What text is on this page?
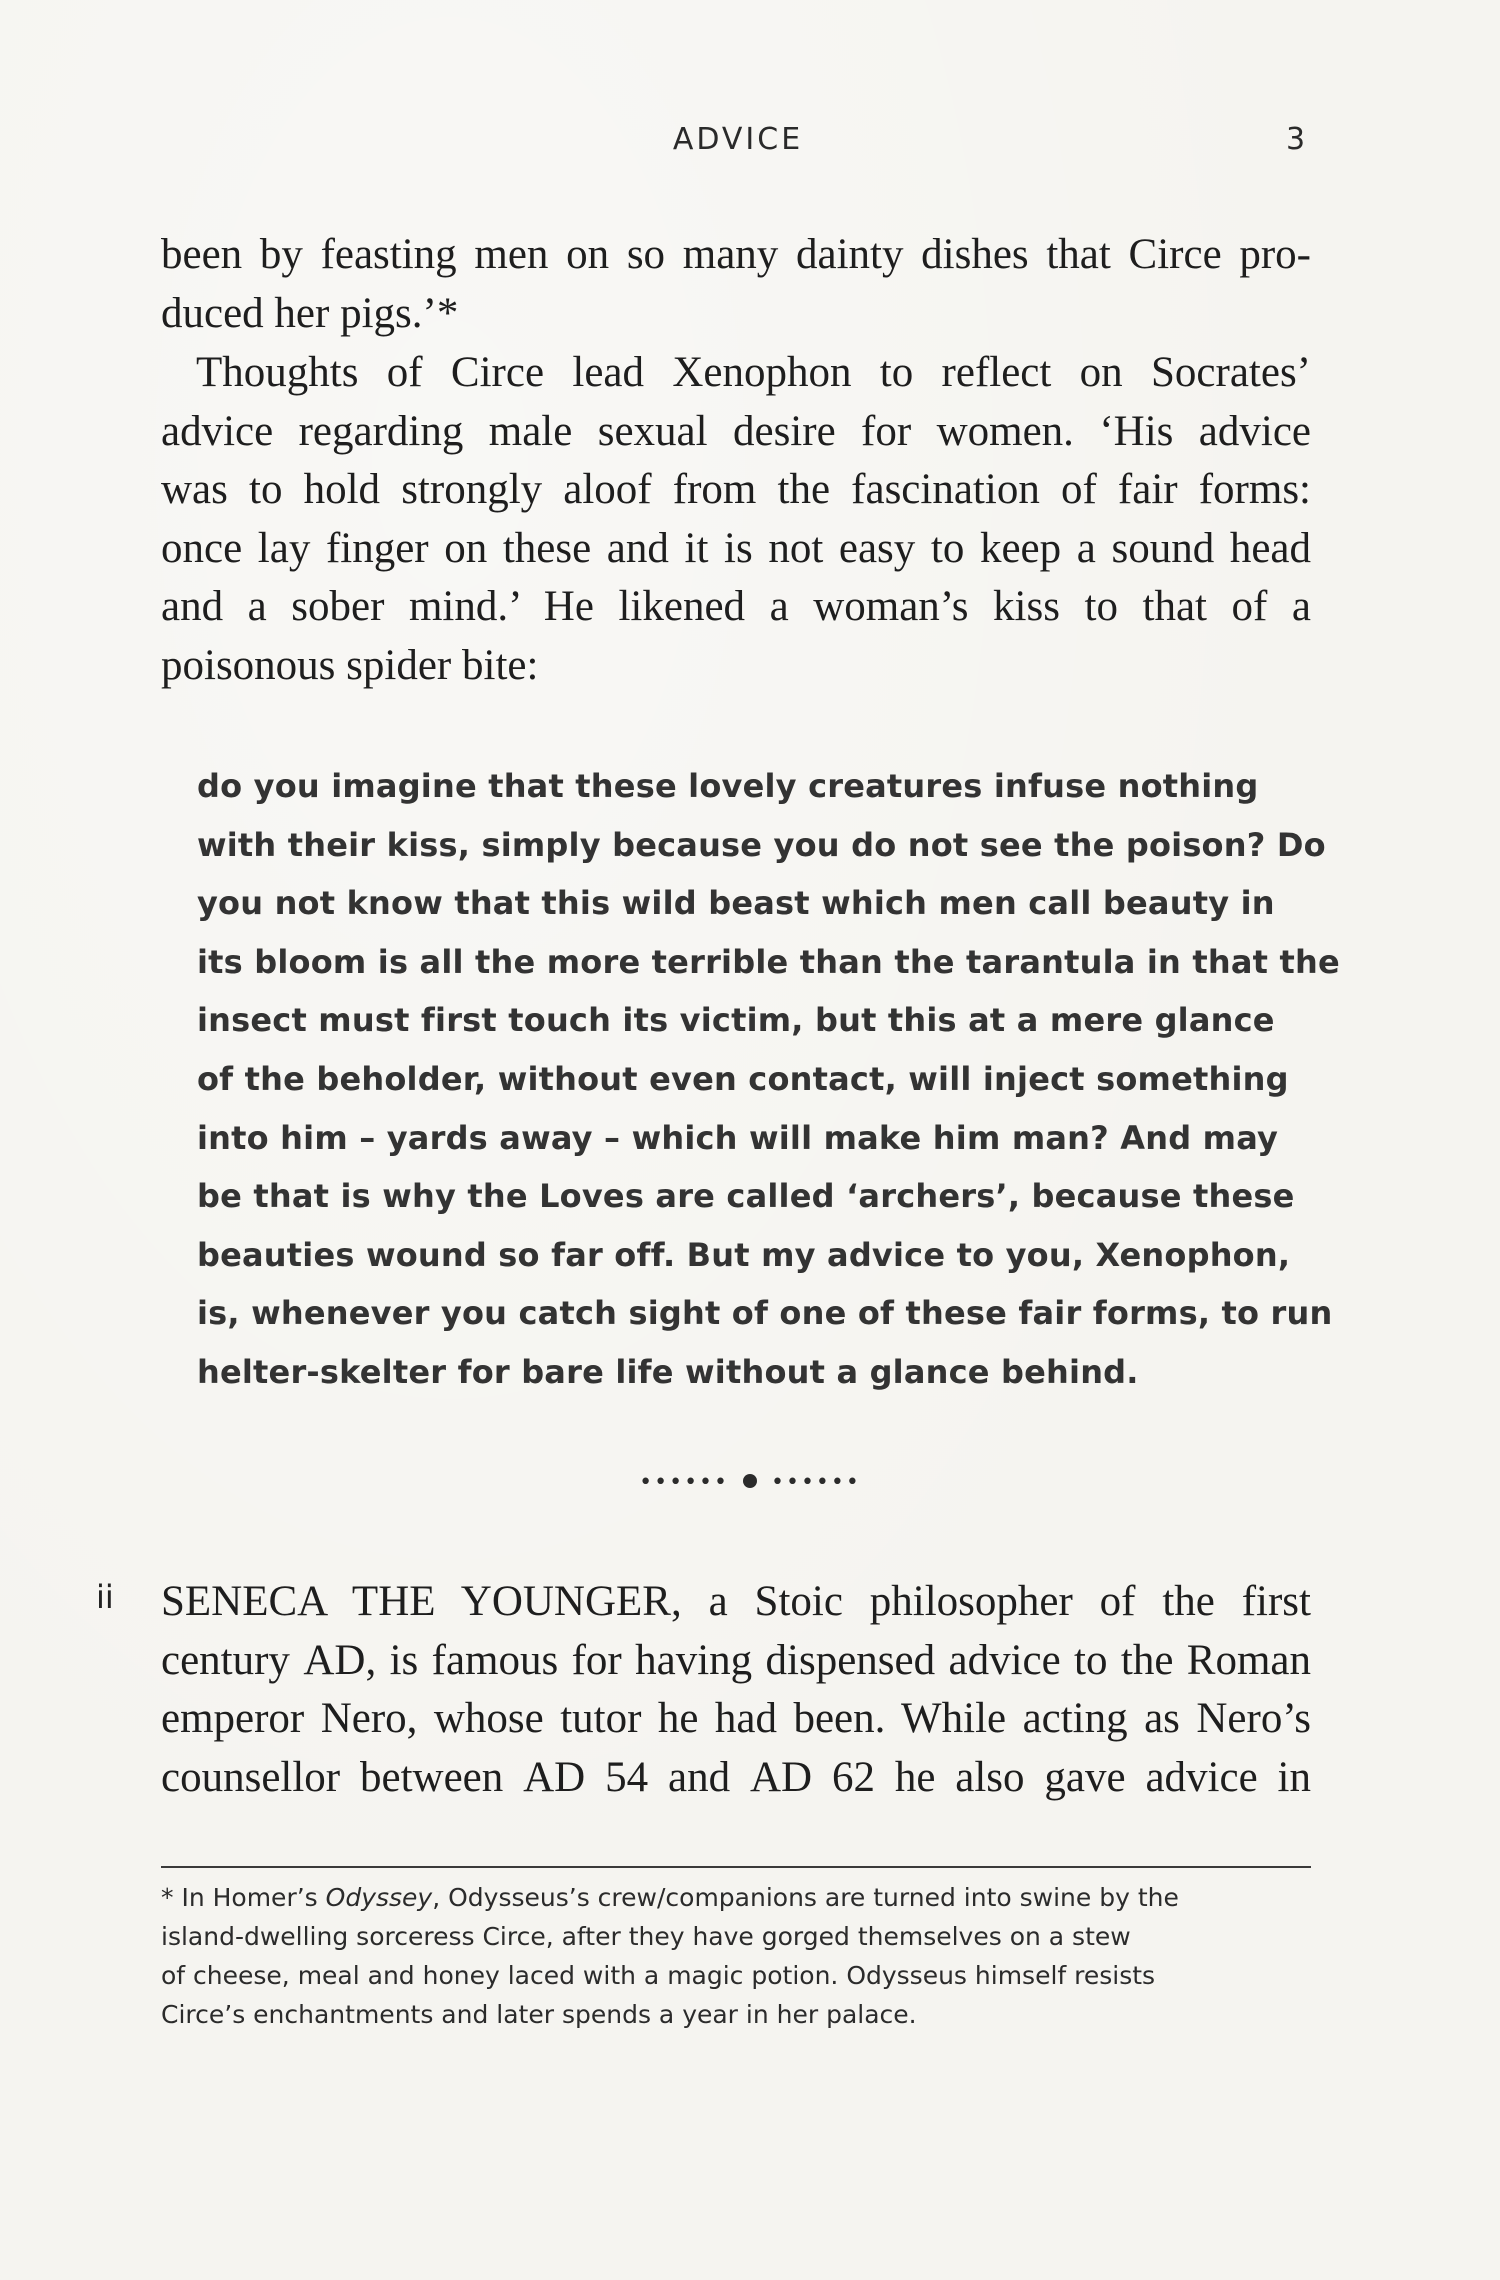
ADVICE	3
been by feasting men on so many dainty dishes that Circe pro-
duced her pigs.’*
Thoughts of Circe lead Xenophon to reflect on Socrates’
advice regarding male sexual desire for women. ‘His advice
was to hold strongly aloof from the fascination of fair forms:
once lay finger on these and it is not easy to keep a sound head
and a sober mind.’ He likened a woman’s kiss to that of a
poisonous spider bite:
do you imagine that these lovely creatures infuse nothing
with their kiss, simply because you do not see the poison? Do
you not know that this wild beast which men call beauty in
its bloom is all the more terrible than the tarantula in that the
insect must first touch its victim, but this at a mere glance
of the beholder, without even contact, will inject something
into him – yards away – which will make him man? And may
be that is why the Loves are called ‘archers’, because these
beauties wound so far off. But my advice to you, Xenophon,
is, whenever you catch sight of one of these fair forms, to run
helter-skelter for bare life without a glance behind.
•••••• ••••••
ii SENECA THE YOUNGER, a Stoic philosopher of the first
century AD, is famous for having dispensed advice to the Roman
emperor Nero, whose tutor he had been. While acting as Nero’s
counsellor between AD 54 and AD 62 he also gave advice in
* In Homer’s Odyssey, Odysseus’s crew/companions are turned into swine by the
island-dwelling sorceress Circe, after they have gorged themselves on a stew
of cheese, meal and honey laced with a magic potion. Odysseus himself resists
Circe’s enchantments and later spends a year in her palace.
